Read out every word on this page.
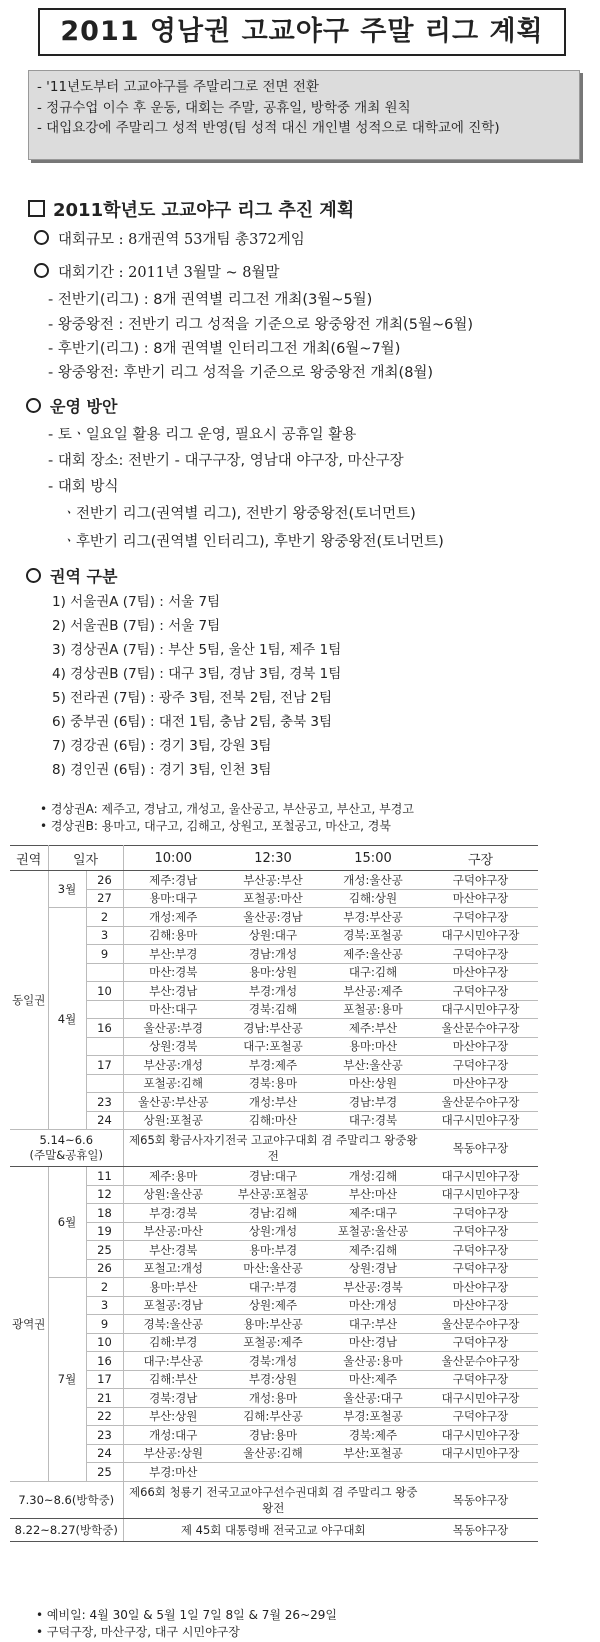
2011 영남권 고교야구 주말 리그 계획
- '11년도부터 고교야구를 주말리그로 전면 전환
- 정규수업 이수 후 운동, 대회는 주말, 공휴일, 방학중 개최 원칙
- 대입요강에 주말리그 성적 반영(팀 성적 대신 개인별 성적으로 대학교에 진학)
2011학년도 고교야구 리그 추진 계획
대회규모 : 8개권역 53개팀 총372게임
대회기간 : 2011년 3월말 ~ 8월말
- 전반기(리그) : 8개 권역별 리그전 개최(3월~5월)
- 왕중왕전 : 전반기 리그 성적을 기준으로 왕중왕전 개최(5월~6월)
- 후반기(리그) : 8개 권역별 인터리그전 개최(6월~7월)
- 왕중왕전: 후반기 리그 성적을 기준으로 왕중왕전 개최(8월)
운영 방안
- 토ㆍ일요일 활용 리그 운영, 필요시 공휴일 활용
- 대회 장소: 전반기 - 대구구장, 영남대 야구장, 마산구장
- 대회 방식
ㆍ전반기 리그(권역별 리그), 전반기 왕중왕전(토너먼트)
ㆍ후반기 리그(권역별 인터리그), 후반기 왕중왕전(토너먼트)
권역 구분
1) 서울권A (7팀) : 서울 7팀
2) 서울권B (7팀) : 서울 7팀
3) 경상권A (7팀) : 부산 5팀, 울산 1팀, 제주 1팀
4) 경상권B (7팀) : 대구 3팀, 경남 3팀, 경북 1팀
5) 전라권 (7팀) : 광주 3팀, 전북 2팀, 전남 2팀
6) 중부권 (6팀) : 대전 1팀, 충남 2팀, 충북 3팀
7) 경강권 (6팀) : 경기 3팀, 강원 3팀
8) 경인권 (6팀) : 경기 3팀, 인천 3팀
• 경상권A: 제주고, 경남고, 개성고, 울산공고, 부산공고, 부산고, 부경고
• 경상권B: 용마고, 대구고, 김해고, 상원고, 포철공고, 마산고, 경북
권역	일자		10:00	12:30	15:00	구장
동일권	3월	26	제주:경남	부산공:부산	개성:울산공	구덕야구장
		27	용마:대구	포철공:마산	김해:상원	마산야구장
	4월	2	개성:제주	울산공:경남	부경:부산공	구덕야구장
		3	김해:용마	상원:대구	경북:포철공	대구시민야구장
		9	부산:부경	경남:개성	제주:울산공	구덕야구장
			마산:경북	용마:상원	대구:김해	마산야구장
		10	부산:경남	부경:개성	부산공:제주	구덕야구장
			마산:대구	경북:김해	포철공:용마	대구시민야구장
		16	울산공:부경	경남:부산공	제주:부산	울산문수야구장
			상원:경북	대구:포철공	용마:마산	마산야구장
		17	부산공:개성	부경:제주	부산:울산공	구덕야구장
			포철공:김해	경북:용마	마산:상원	마산야구장
		23	울산공:부산공	개성:부산	경남:부경	울산문수야구장
		24	상원:포철공	김해:마산	대구:경북	대구시민야구장

5.14~6.6
(주말&공휴일)			제65회 황금사자기전국 고교야구대회 겸 주말리그 왕중왕전			목동야구장
광역권	6월	11	제주:용마	경남:대구	개성:김해	대구시민야구장
		12	상원:울산공	부산공:포철공	부산:마산	대구시민야구장
		18	부경:경북	경남:김해	제주:대구	구덕야구장
		19	부산공:마산	상원:개성	포철공:울산공	구덕야구장
		25	부산:경북	용마:부경	제주:김해	구덕야구장
		26	포철고:개성	마산:울산공	상원:경남	구덕야구장
	7월	2	용마:부산	대구:부경	부산공:경북	마산야구장
		3	포철공:경남	상원:제주	마산:개성	마산야구장
		9	경북:울산공	용마:부산공	대구:부산	울산문수야구장
		10	김해:부경	포철공:제주	마산:경남	구덕야구장
		16	대구:부산공	경북:개성	울산공:용마	울산문수야구장
		17	김해:부산	부경:상원	마산:제주	구덕야구장
		21	경북:경남	개성:용마	울산공:대구	대구시민야구장
		22	부산:상원	김해:부산공	부경:포철공	구덕야구장
		23	개성:대구	경남:용마	경북:제주	대구시민야구장
		24	부산공:상원	울산공:김해	부산:포철공	대구시민야구장
		25	부경:마산			

7.30~8.6(방학중)			제66회 청룡기 전국고교야구선수권대회 겸 주말리그 왕중왕전			목동야구장

8.22~8.27(방학중)			제 45회 대통령배 전국고교 야구대회			목동야구장
• 예비일: 4월 30일 & 5월 1일 7일 8일 & 7월 26~29일
• 구덕구장, 마산구장, 대구 시민야구장
